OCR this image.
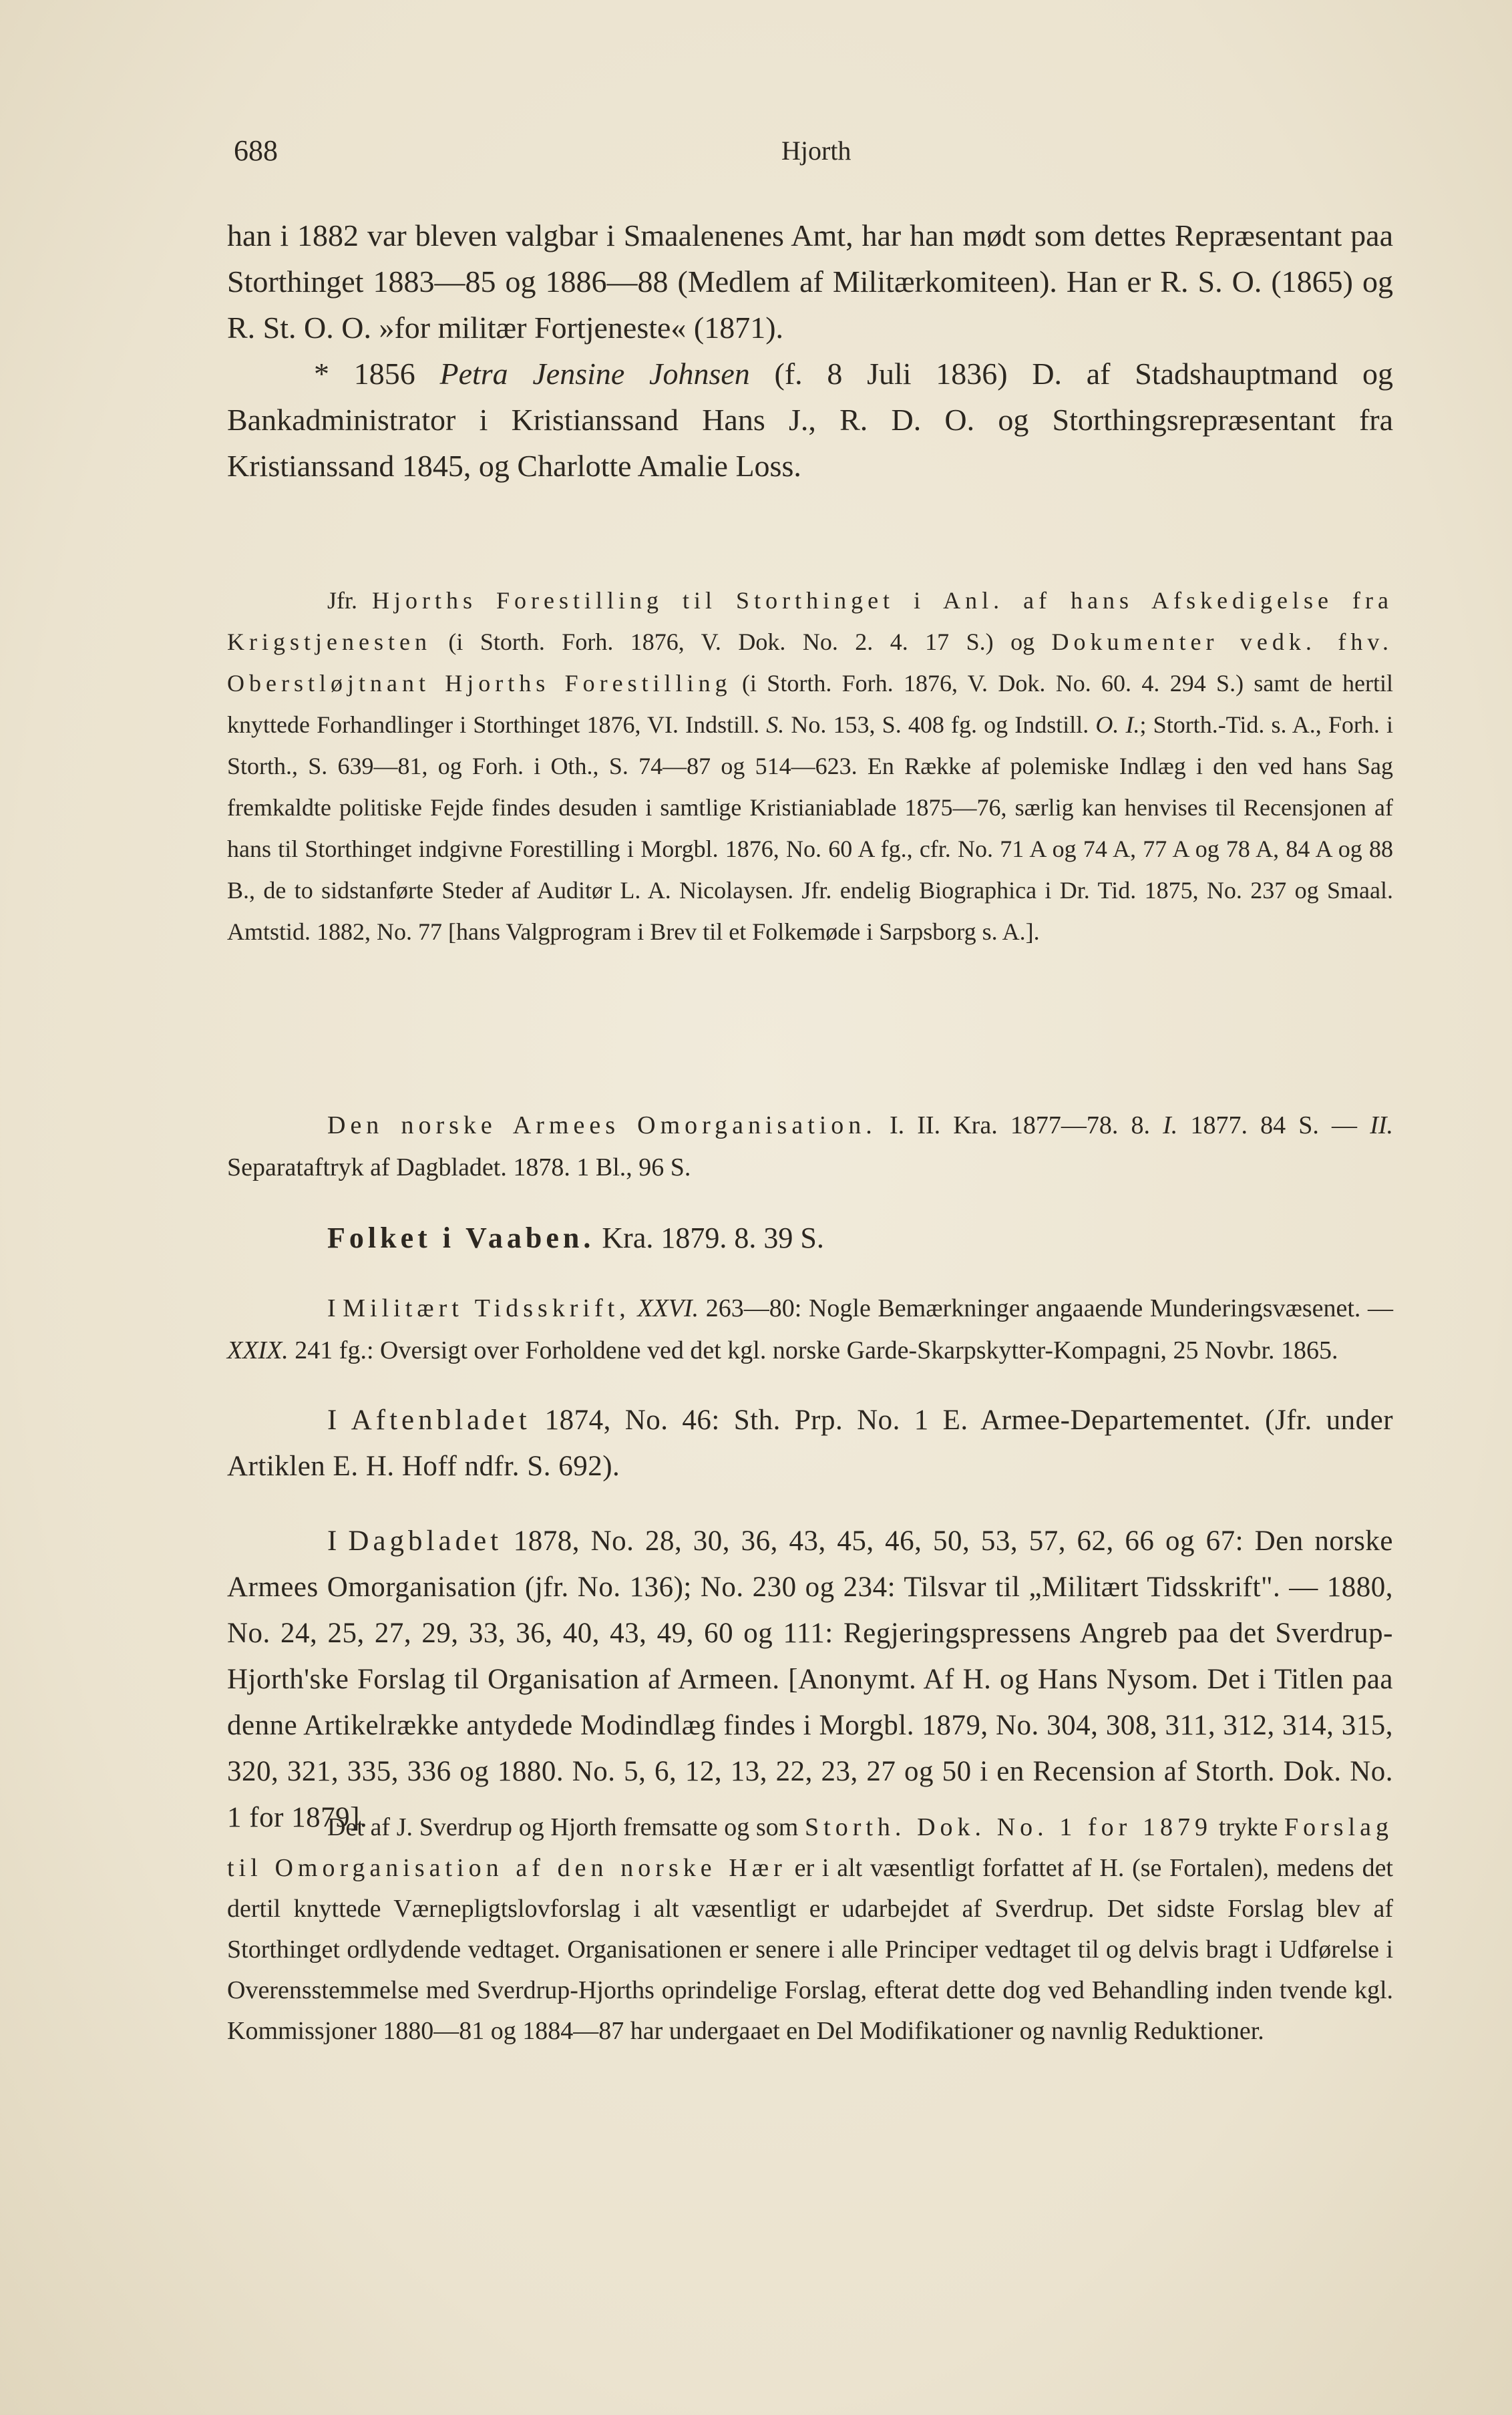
688	Hjorth

han i 1882 var bleven valgbar i Smaalenenes Amt, har han mødt som dettes Repræsentant paa Storthinget 1883—85 og 1886—88 (Medlem af Militærkomiteen). Han er R. S. O. (1865) og R. St. O. O. »for militær Fortjeneste« (1871).

* 1856 Petra Jensine Johnsen (f. 8 Juli 1836) D. af Stadshauptmand og Bankadministrator i Kristianssand Hans J., R. D. O. og Storthingsrepræsentant fra Kristianssand 1845, og Charlotte Amalie Loss.

Jfr. Hjorths Forestilling til Storthinget i Anl. af hans Afskedigelse fra Krigstjenesten (i Storth. Forh. 1876, V. Dok. No. 2. 4. 17 S.) og Dokumenter vedk. fhv. Oberstløjtnant Hjorths Forestilling (i Storth. Forh. 1876, V. Dok. No. 60. 4. 294 S.) samt de hertil knyttede Forhandlinger i Storthinget 1876, VI. Indstill. S. No. 153, S. 408 fg. og Indstill. O. I.; Storth.-Tid. s. A., Forh. i Storth., S. 639—81, og Forh. i Oth., S. 74—87 og 514—623. En Række af polemiske Indlæg i den ved hans Sag fremkaldte politiske Fejde findes desuden i samtlige Kristianiablade 1875—76, særlig kan henvises til Recensjonen af hans til Storthinget indgivne Forestilling i Morgbl. 1876, No. 60 A fg., cfr. No. 71 A og 74 A, 77 A og 78 A, 84 A og 88 B., de to sidstanførte Steder af Auditør L. A. Nicolaysen. Jfr. endelig Biographica i Dr. Tid. 1875, No. 237 og Smaal. Amtstid. 1882, No. 77 [hans Valgprogram i Brev til et Folkemøde i Sarpsborg s. A.].

Den norske Armees Omorganisation. I. II. Kra. 1877—78. 8. I. 1877. 84 S. — II. Separataftryk af Dagbladet. 1878. 1 Bl., 96 S.

Folket i Vaaben. Kra. 1879. 8. 39 S.

I Militært Tidsskrift, XXVI. 263—80: Nogle Bemærkninger angaaende Munderingsvæsenet. — XXIX. 241 fg.: Oversigt over Forholdene ved det kgl. norske Garde-Skarpskytter-Kompagni, 25 Novbr. 1865.

I Aftenbladet 1874, No. 46: Sth. Prp. No. 1 E. Armee-Departementet. (Jfr. under Artiklen E. H. Hoff ndfr. S. 692).

I Dagbladet 1878, No. 28, 30, 36, 43, 45, 46, 50, 53, 57, 62, 66 og 67: Den norske Armees Omorganisation (jfr. No. 136); No. 230 og 234: Tilsvar til „Militært Tidsskrift". — 1880, No. 24, 25, 27, 29, 33, 36, 40, 43, 49, 60 og 111: Regjeringspressens Angreb paa det Sverdrup-Hjorth'ske Forslag til Organisation af Armeen. [Anonymt. Af H. og Hans Nysom. Det i Titlen paa denne Artikelrække antydede Modindlæg findes i Morgbl. 1879, No. 304, 308, 311, 312, 314, 315, 320, 321, 335, 336 og 1880. No. 5, 6, 12, 13, 22, 23, 27 og 50 i en Recension af Storth. Dok. No. 1 for 1879].

Det af J. Sverdrup og Hjorth fremsatte og som Storth. Dok. No. 1 for 1879 trykte Forslag til Omorganisation af den norske Hær er i alt væsentligt forfattet af H. (se Fortalen), medens det dertil knyttede Værnepligtslovforslag i alt væsentligt er udarbejdet af Sverdrup. Det sidste Forslag blev af Storthinget ordlydende vedtaget. Organisationen er senere i alle Principer vedtaget til og delvis bragt i Udførelse i Overensstemmelse med Sverdrup-Hjorths oprindelige Forslag, efterat dette dog ved Behandling inden tvende kgl. Kommissjoner 1880—81 og 1884—87 har undergaaet en Del Modifikationer og navnlig Reduktioner.
